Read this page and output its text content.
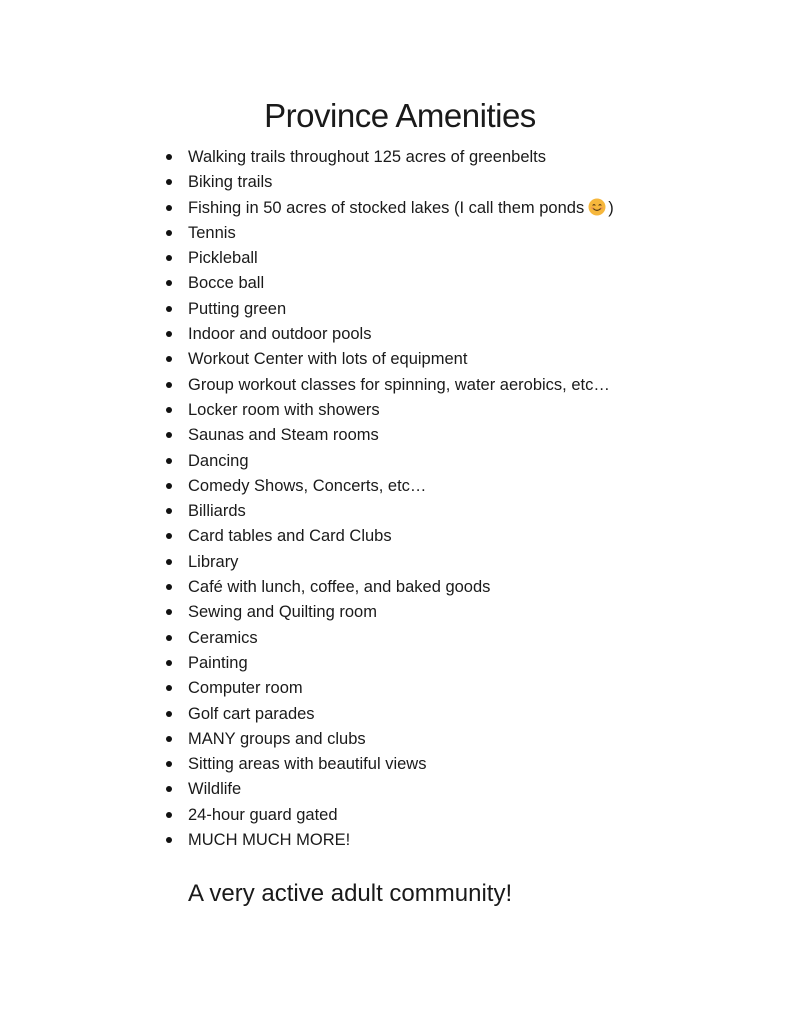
Province Amenities
Walking trails throughout 125 acres of greenbelts
Biking trails
Fishing in 50 acres of stocked lakes (I call them ponds )
Tennis
Pickleball
Bocce ball
Putting green
Indoor and outdoor pools
Workout Center with lots of equipment
Group workout classes for spinning, water aerobics, etc…
Locker room with showers
Saunas and Steam rooms
Dancing
Comedy Shows, Concerts, etc…
Billiards
Card tables and Card Clubs
Library
Café with lunch, coffee, and baked goods
Sewing and Quilting room
Ceramics
Painting
Computer room
Golf cart parades
MANY groups and clubs
Sitting areas with beautiful views
Wildlife
24-hour guard gated
MUCH MUCH MORE!

A very active adult community!
